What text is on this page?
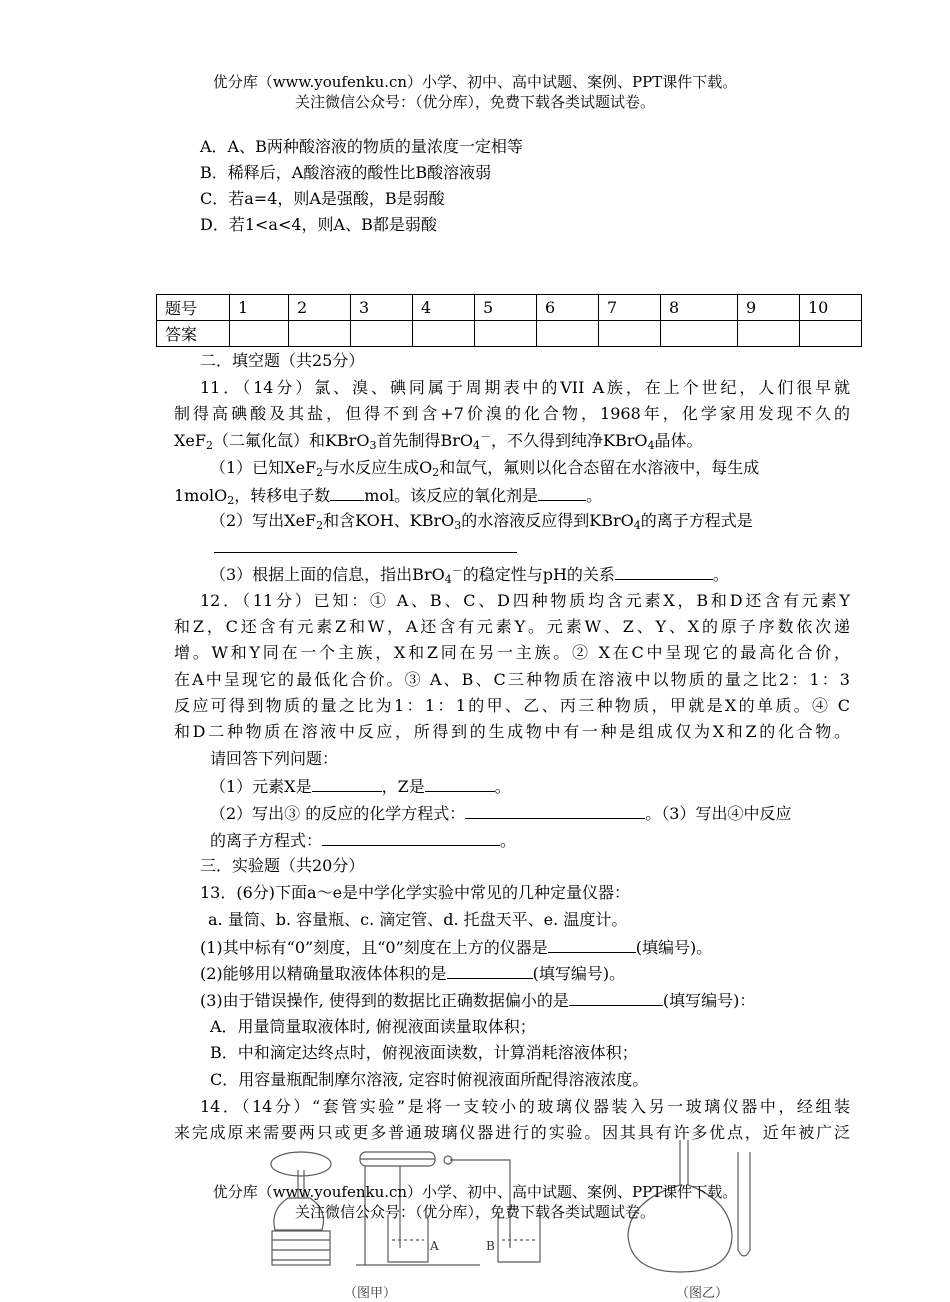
优分库（www.youfenku.cn）小学、初中、高中试题、案例、PPT课件下载。
关注微信公众号：（优分库），免费下载各类试题试卷。
A．A、B两种酸溶液的物质的量浓度一定相等
B．稀释后，A酸溶液的酸性比B酸溶液弱
C．若a=4，则A是强酸，B是弱酸
D．若1<a<4，则A、B都是弱酸
题号	1	2	3	4	5	6	7	8	9	10
答案										
二．填空题（共25分）
11．（14分）氯、溴、碘同属于周期表中的VII A族，在上个世纪，人们很早就
制得高碘酸及其盐，但得不到含+7价溴的化合物，1968年，化学家用发现不久的
XeF$_2$（二氟化氙）和KBrO$_3$首先制得BrO$_4$－，不久得到纯净KBrO$_4$晶体。
（1）已知XeF$_2$与水反应生成$O_2$和氙气，氟则以化合态留在水溶液中，每生成
1molO$_2$，转移电子数 mol。该反应的氧化剂是	。
（2）写出XeF$_2$和含KOH、KBrO$_3$的水溶液反应得到KBrO$_4$的离子方程式是
（3）根据上面的信息，指出BrO$_4$－的稳定性与pH的关系	。
12．（11分）已知：① A、B、C、D四种物质均含元素X，B和D还含有元素Y
和Z，C还含有元素Z和W，A还含有元素Y。元素W、Z、Y、X的原子序数依次递
增。W和Y同在一个主族，X和Z同在另一主族。② X在C中呈现它的最高化合价，
在A中呈现它的最低化合价。③ A、B、C三种物质在溶液中以物质的量之比2：1：3
反应可得到物质的量之比为1：1：1的甲、乙、丙三种物质，甲就是X的单质。④ C
和D二种物质在溶液中反应，所得到的生成物中有一种是组成仅为X和Z的化合物。
请回答下列问题：
（1）元素X是	，Z是	。
（2）写出③ 的反应的化学方程式：	。（3）写出④中反应
的离子方程式：	。
三．实验题（共20分）
13．(6分)下面a～e是中学化学实验中常见的几种定量仪器：
a. 量筒、b. 容量瓶、c. 滴定管、d. 托盘天平、e. 温度计。
(1)其中标有“0”刻度，且“0”刻度在上方的仪器是	(填编号)。
(2)能够用以精确量取液体体积的是	(填写编号)。
(3)由于错误操作, 使得到的数据比正确数据偏小的是	(填写编号)：
A．用量筒量取液体时, 俯视液面读量取体积；
B．中和滴定达终点时，俯视液面读数，计算消耗溶液体积；
C．用容量瓶配制摩尔溶液, 定容时俯视液面所配得溶液浓度。
14．（14分）“套管实验”是将一支较小的玻璃仪器装入另一玻璃仪器中，经组装
来完成原来需要两只或更多普通玻璃仪器进行的实验。因其具有许多优点，近年被广泛
A	B
优分库（www.youfenku.cn）小学、初中、高中试题、案例、PPT课件下载。
关注微信公众号：（优分库），免费下载各类试题试卷。
（图甲）	（图乙）
